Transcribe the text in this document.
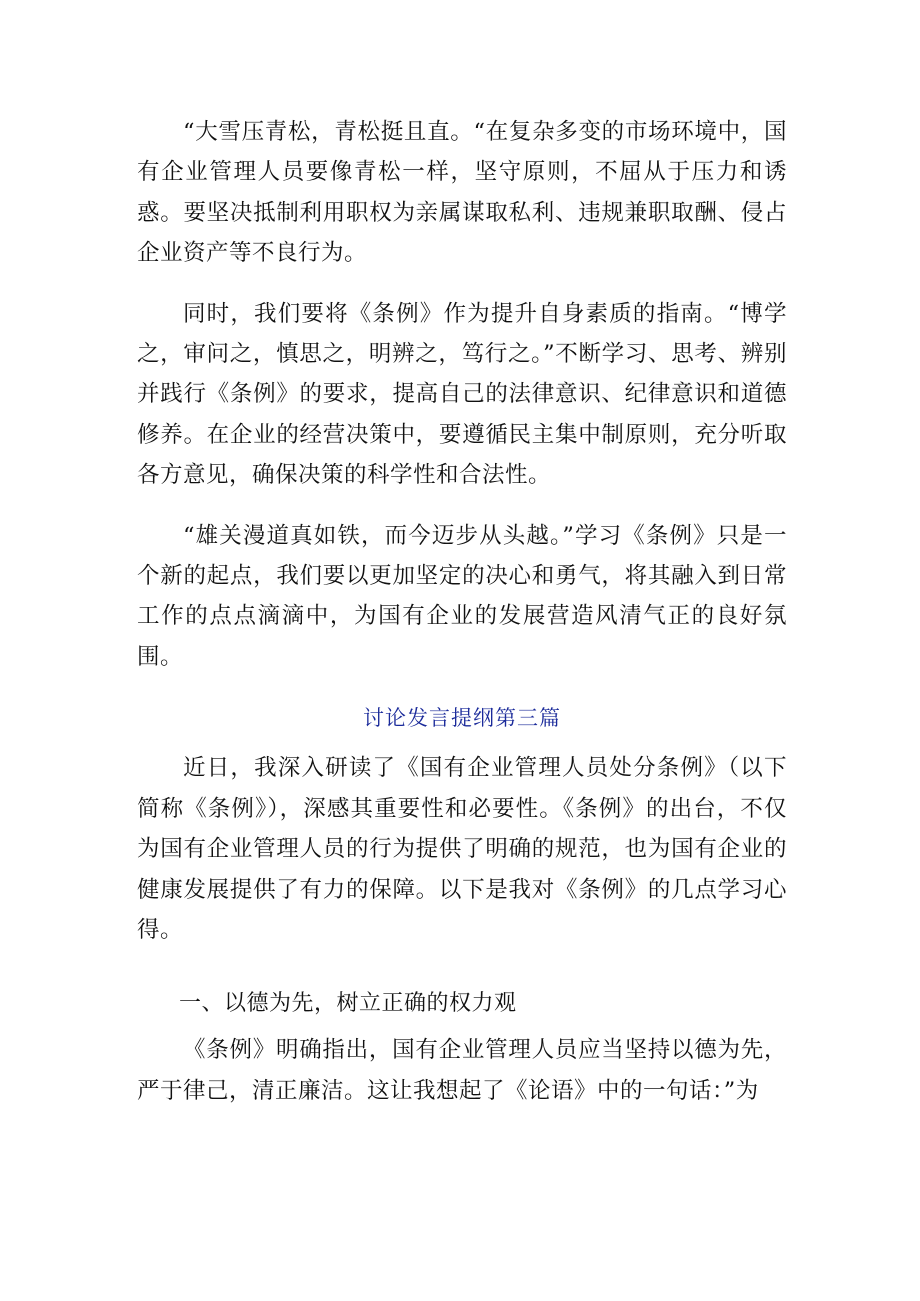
“大雪压青松，青松挺且直。“在复杂多变的市场环境中，国有企业管理人员要像青松一样，坚守原则，不屈从于压力和诱惑。要坚决抵制利用职权为亲属谋取私利、违规兼职取酬、侵占企业资产等不良行为。

同时，我们要将《条例》作为提升自身素质的指南。“博学之，审问之，慎思之，明辨之，笃行之。”不断学习、思考、辨别并践行《条例》的要求，提高自己的法律意识、纪律意识和道德修养。在企业的经营决策中，要遵循民主集中制原则，充分听取各方意见，确保决策的科学性和合法性。

“雄关漫道真如铁，而今迈步从头越。”学习《条例》只是一个新的起点，我们要以更加坚定的决心和勇气，将其融入到日常工作的点点滴滴中，为国有企业的发展营造风清气正的良好氛围。

讨论发言提纲第三篇

近日，我深入研读了《国有企业管理人员处分条例》（以下简称《条例》），深感其重要性和必要性。《条例》的出台，不仅为国有企业管理人员的行为提供了明确的规范，也为国有企业的健康发展提供了有力的保障。以下是我对《条例》的几点学习心得。

一、以德为先，树立正确的权力观

《条例》明确指出，国有企业管理人员应当坚持以德为先，严于律己，清正廉洁。这让我想起了《论语》中的一句话：”为
